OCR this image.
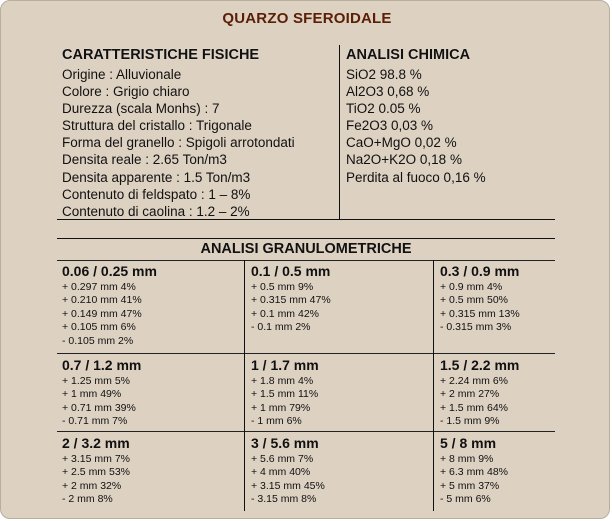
QUARZO SFEROIDALE
CARATTERISTICHE FISICHE	ANALISI CHIMICA
Origine : Alluvionale
Colore : Grigio chiaro
Durezza (scala Monhs) : 7
Struttura del cristallo : Trigonale
Forma del granello : Spigoli arrotondati
Densita reale : 2.65 Ton/m3
Densita apparente : 1.5 Ton/m3
Contenuto di feldspato : 1 – 8%
Contenuto di caolina : 1.2 – 2%
SiO2 98.8 %
Al2O3 0,68 %
TiO2 0.05 %
Fe2O3 0,03 %
CaO+MgO 0,02 %
Na2O+K2O 0,18 %
Perdita al fuoco 0,16 %
ANALISI GRANULOMETRICHE
0.06 / 0.25 mm
+ 0.297 mm 4%
+ 0.210 mm 41%
+ 0.149 mm 47%
+ 0.105 mm 6%
- 0.105 mm 2%
0.1 / 0.5 mm
+ 0.5 mm 9%
+ 0.315 mm 47%
+ 0.1 mm 42%
- 0.1 mm 2%
0.3 / 0.9 mm
+ 0.9 mm 4%
+ 0.5 mm 50%
+ 0.315 mm 13%
- 0.315 mm 3%
0.7 / 1.2 mm
+ 1.25 mm 5%
+ 1 mm 49%
+ 0.71 mm 39%
- 0.71 mm 7%
1 / 1.7 mm
+ 1.8 mm 4%
+ 1.5 mm 11%
+ 1 mm 79%
- 1 mm 6%
1.5 / 2.2 mm
+ 2.24 mm 6%
+ 2 mm 27%
+ 1.5 mm 64%
- 1.5 mm 9%
2 / 3.2 mm
+ 3.15 mm 7%
+ 2.5 mm 53%
+ 2 mm 32%
- 2 mm 8%
3 / 5.6 mm
+ 5.6 mm 7%
+ 4 mm 40%
+ 3.15 mm 45%
- 3.15 mm 8%
5 / 8 mm
+ 8 mm 9%
+ 6.3 mm 48%
+ 5 mm 37%
- 5 mm 6%
